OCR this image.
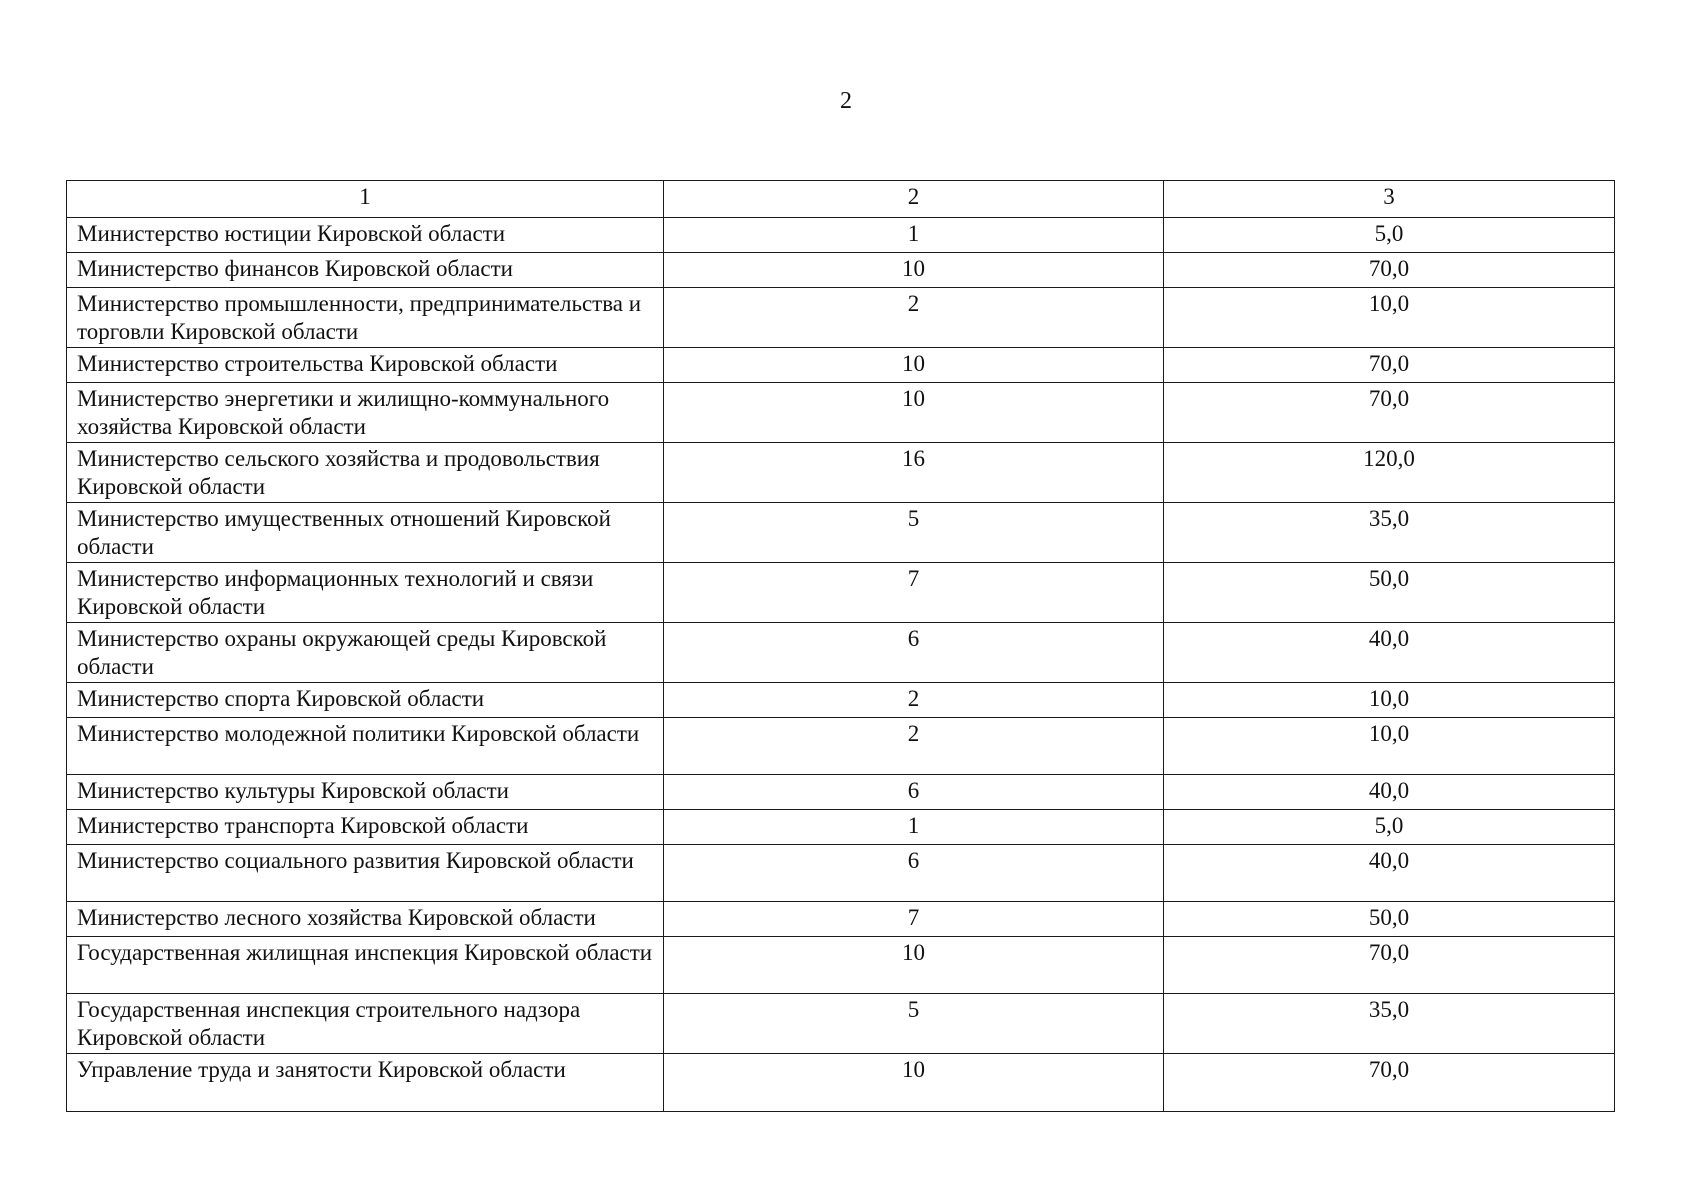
2
1	2	3
Министерство юстиции Кировской области	1	5,0
Министерство финансов Кировской области	10	70,0
Министерство промышленности, предпринимательства и торговли Кировской области	2	10,0
Министерство строительства Кировской области	10	70,0
Министерство энергетики и жилищно-коммунального хозяйства Кировской области	10	70,0
Министерство сельского хозяйства и продовольствия Кировской области	16	120,0
Министерство имущественных отношений Кировской области	5	35,0
Министерство информационных технологий и связи Кировской области	7	50,0
Министерство охраны окружающей среды Кировской области	6	40,0
Министерство спорта Кировской области	2	10,0
Министерство молодежной политики Кировской области	2	10,0
Министерство культуры Кировской области	6	40,0
Министерство транспорта Кировской области	1	5,0
Министерство социального развития Кировской области	6	40,0
Министерство лесного хозяйства Кировской области	7	50,0
Государственная жилищная инспекция Кировской области	10	70,0
Государственная инспекция строительного надзора Кировской области	5	35,0
Управление труда и занятости Кировской области	10	70,0
